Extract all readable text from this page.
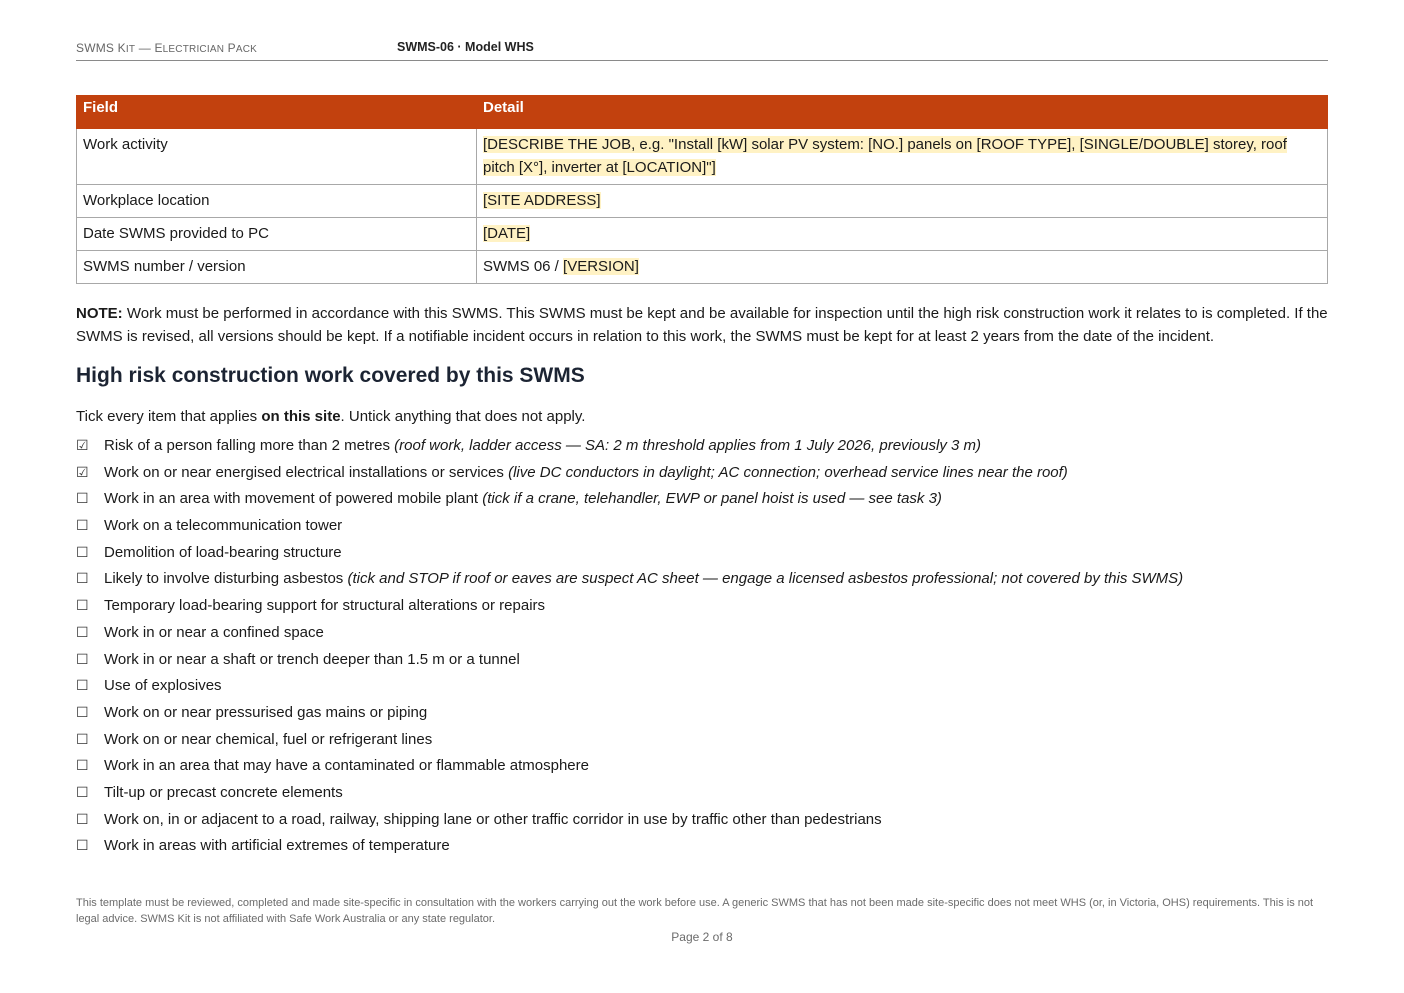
SWMS KIT — ELECTRICIAN PACK	SWMS-06 · Model WHS
Field	Detail
Work activity	[DESCRIBE THE JOB, e.g. "Install [kW] solar PV system: [NO.] panels on [ROOF TYPE], [SINGLE/DOUBLE] storey, roof pitch [X°], inverter at [LOCATION]"]
Workplace location	[SITE ADDRESS]
Date SWMS provided to PC	[DATE]
SWMS number / version	SWMS 06 / [VERSION]

NOTE: Work must be performed in accordance with this SWMS. This SWMS must be kept and be available for inspection until the high risk construction work it relates to is completed. If the SWMS is revised, all versions should be kept. If a notifiable incident occurs in relation to this work, the SWMS must be kept for at least 2 years from the date of the incident.

High risk construction work covered by this SWMS
Tick every item that applies on this site. Untick anything that does not apply.
☑ Risk of a person falling more than 2 metres (roof work, ladder access — SA: 2 m threshold applies from 1 July 2026, previously 3 m)
☑ Work on or near energised electrical installations or services (live DC conductors in daylight; AC connection; overhead service lines near the roof)
☐ Work in an area with movement of powered mobile plant (tick if a crane, telehandler, EWP or panel hoist is used — see task 3)
☐ Work on a telecommunication tower
☐ Demolition of load-bearing structure
☐ Likely to involve disturbing asbestos (tick and STOP if roof or eaves are suspect AC sheet — engage a licensed asbestos professional; not covered by this SWMS)
☐ Temporary load-bearing support for structural alterations or repairs
☐ Work in or near a confined space
☐ Work in or near a shaft or trench deeper than 1.5 m or a tunnel
☐ Use of explosives
☐ Work on or near pressurised gas mains or piping
☐ Work on or near chemical, fuel or refrigerant lines
☐ Work in an area that may have a contaminated or flammable atmosphere
☐ Tilt-up or precast concrete elements
☐ Work on, in or adjacent to a road, railway, shipping lane or other traffic corridor in use by traffic other than pedestrians
☐ Work in areas with artificial extremes of temperature
This template must be reviewed, completed and made site-specific in consultation with the workers carrying out the work before use. A generic SWMS that has not been made site-specific does not meet WHS (or, in Victoria, OHS) requirements. This is not legal advice. SWMS Kit is not affiliated with Safe Work Australia or any state regulator.
Page 2 of 8
